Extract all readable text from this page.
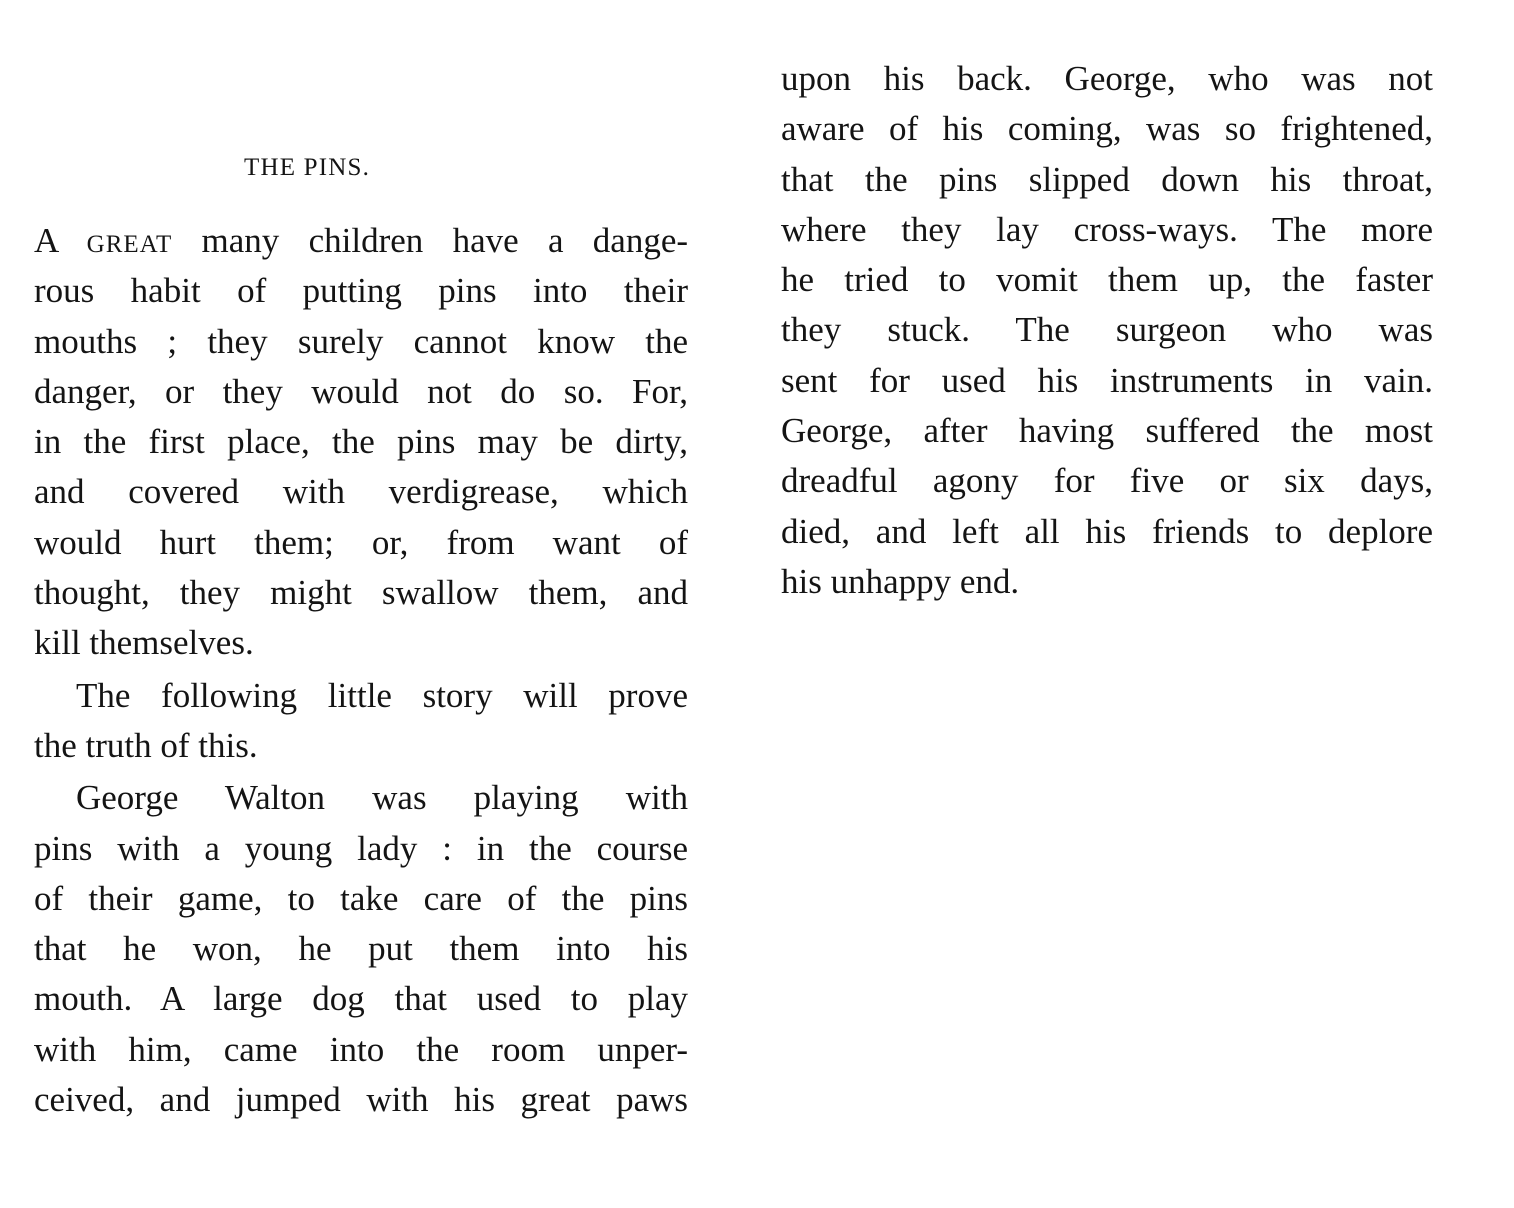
THE PINS.
A great many children have a dange-
rous habit of putting pins into their
mouths ; they surely cannot know the
danger, or they would not do so. For,
in the first place, the pins may be dirty,
and covered with verdigrease, which
would hurt them; or, from want of
thought, they might swallow them, and
kill themselves.
The following little story will prove
the truth of this.
George Walton was playing with
pins with a young lady : in the course
of their game, to take care of the pins
that he won, he put them into his
mouth. A large dog that used to play
with him, came into the room unper-
ceived, and jumped with his great paws
upon his back. George, who was not
aware of his coming, was so frightened,
that the pins slipped down his throat,
where they lay cross-ways. The more
he tried to vomit them up, the faster
they stuck. The surgeon who was
sent for used his instruments in vain.
George, after having suffered the most
dreadful agony for five or six days,
died, and left all his friends to deplore
his unhappy end.
